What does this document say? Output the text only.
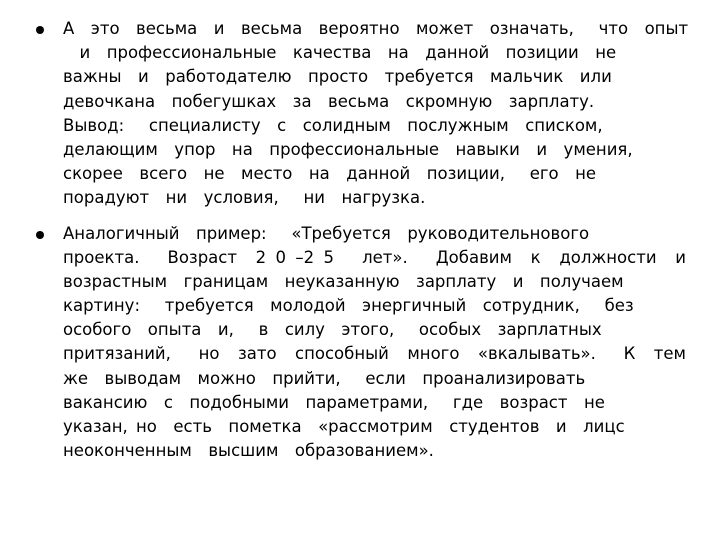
А  это  весьма  и  весьма  вероятно  может  означать,   что  опыт
и  профессиональные  качества  на  данной  позиции  не
важны  и  работодателю  просто  требуется  мальчик  или
девочкана  побегушках  за  весьма  скромную  зарплату.
Вывод:   специалисту  с  солидным  послужным  списком,
делающим  упор  на  профессиональные  навыки  и  умения,
скорее  всего  не  место  на  данной  позиции,   его  не
порадуют  ни  условия,   ни  нагрузка.
Аналогичный  пример:   «Требуется  руководительнового
проекта.   Возраст  2 0 –2 5   лет».   Добавим  к  должности  и
возрастным  границам  неуказанную  зарплату  и  получаем
картину:   требуется  молодой  энергичный  сотрудник,   без
особого  опыта  и,   в  силу  этого,   особых  зарплатных
притязаний,   но  зато  способный  много  «вкалывать».   К  тем
же  выводам  можно  прийти,   если  проанализировать
вакансию  с  подобными  параметрами,   где  возраст  не
указан, но  есть  пометка  «рассмотрим  студентов  и  лицс
неоконченным  высшим  образованием».
